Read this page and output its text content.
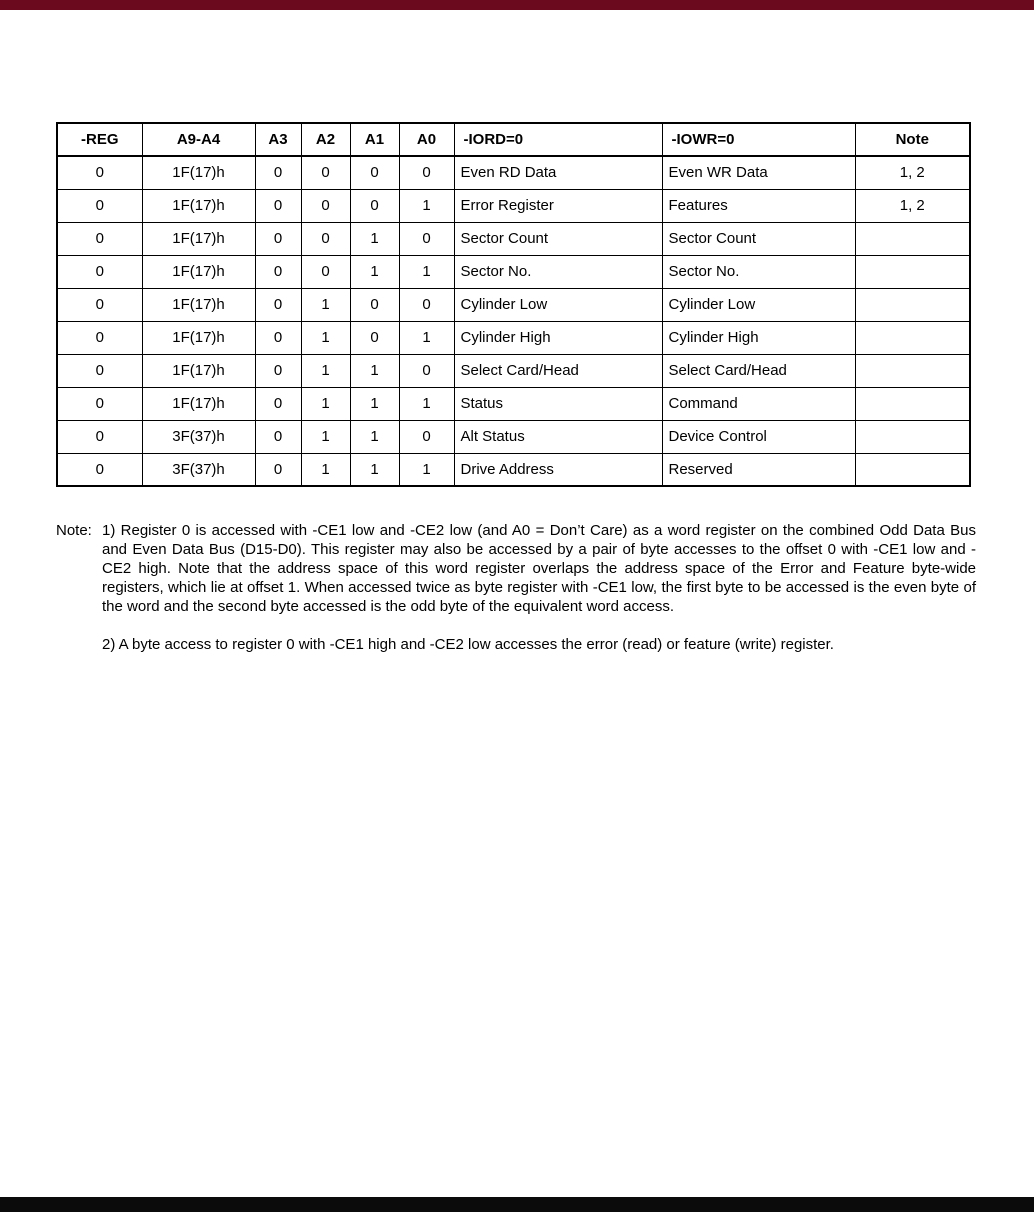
-REG	A9-A4	A3	A2	A1	A0	-IORD=0	-IOWR=0	Note
0	1F(17)h	0	0	0	0	Even RD Data	Even WR Data	1, 2
0	1F(17)h	0	0	0	1	Error Register	Features	1, 2
0	1F(17)h	0	0	1	0	Sector Count	Sector Count	
0	1F(17)h	0	0	1	1	Sector No.	Sector No.	
0	1F(17)h	0	1	0	0	Cylinder Low	Cylinder Low	
0	1F(17)h	0	1	0	1	Cylinder High	Cylinder High	
0	1F(17)h	0	1	1	0	Select Card/Head	Select Card/Head	
0	1F(17)h	0	1	1	1	Status	Command	
0	3F(37)h	0	1	1	0	Alt Status	Device Control	
0	3F(37)h	0	1	1	1	Drive Address	Reserved	
Note: 1) Register 0 is accessed with -CE1 low and -CE2 low (and A0 = Don’t Care) as a word register on the combined Odd Data Bus and Even Data Bus (D15-D0). This register may also be accessed by a pair of byte accesses to the offset 0 with -CE1 low and -CE2 high. Note that the address space of this word register overlaps the address space of the Error and Feature byte-wide registers, which lie at offset 1. When accessed twice as byte register with -CE1 low, the first byte to be accessed is the even byte of the word and the second byte accessed is the odd byte of the equivalent word access.

2) A byte access to register 0 with -CE1 high and -CE2 low accesses the error (read) or feature (write) register.
